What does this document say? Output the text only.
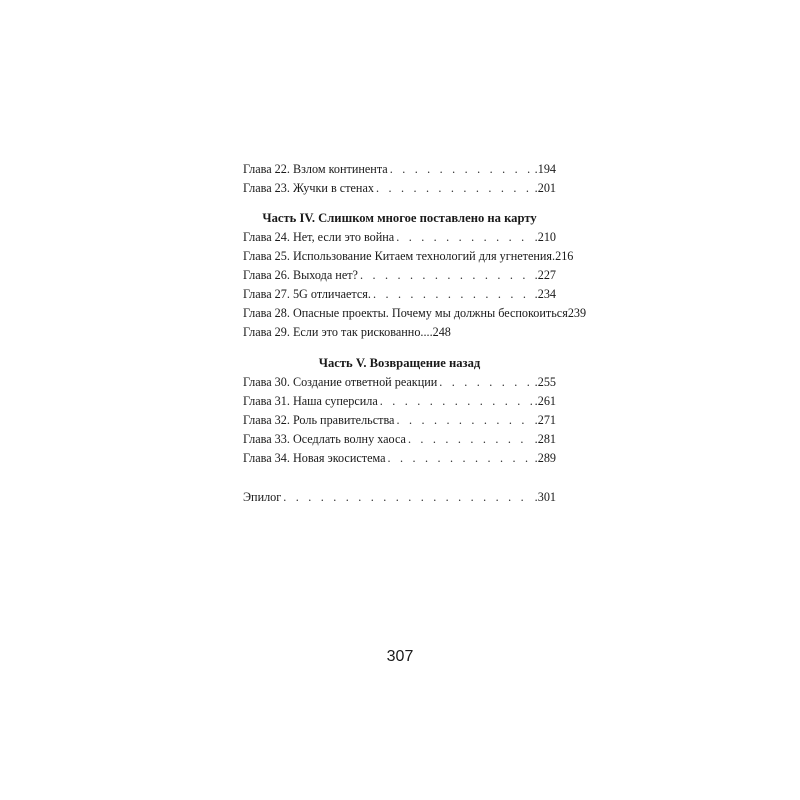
Глава 22. Взлом континента . . .	.194
Глава 23. Жучки в стенах . . .	.201
Часть IV. Слишком многое поставлено на карту
Глава 24. Нет, если это война . . .	.210
Глава 25. Использование Китаем технологий для угнетения .216
Глава 26. Выхода нет? . . .	.227
Глава 27. 5G отличается. . . .	.234
Глава 28. Опасные проекты. Почему мы должны беспокоиться 239
Глава 29. Если это так рискованно... .248
Часть V. Возвращение назад
Глава 30. Создание ответной реакции . . .	.255
Глава 31. Наша суперсила . . .	.261
Глава 32. Роль правительства . . .	.271
Глава 33. Оседлать волну хаоса . . .	.281
Глава 34. Новая экосистема . . .	.289
Эпилог . . .	.301
307
